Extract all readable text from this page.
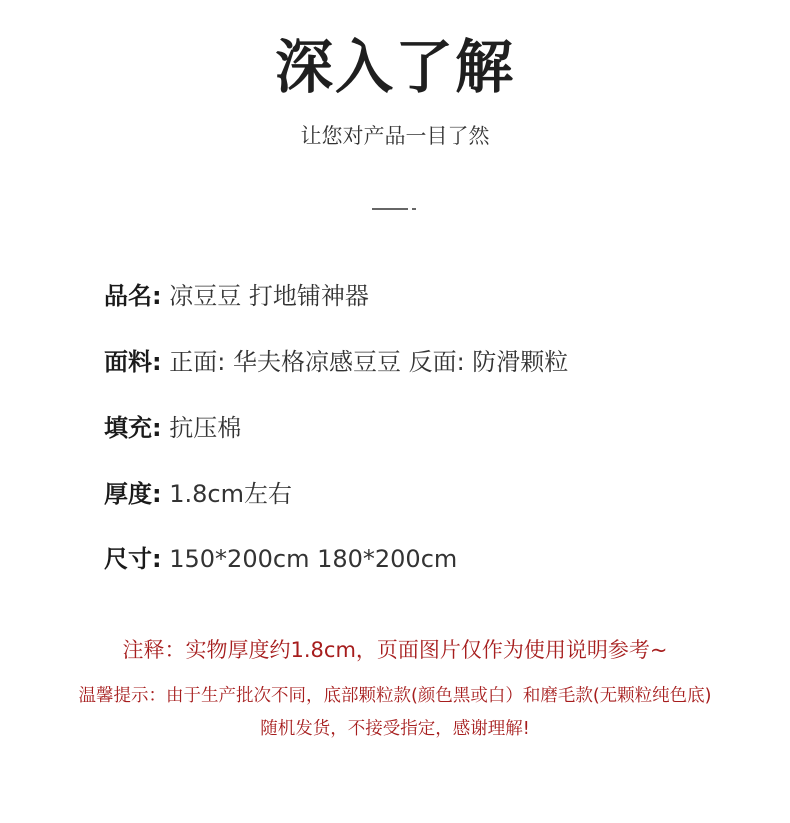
深入了解
让您对产品一目了然
品名: 凉豆豆 打地铺神器
面料: 正面: 华夫格凉感豆豆 反面: 防滑颗粒
填充: 抗压棉
厚度: 1.8cm左右
尺寸: 150*200cm 180*200cm
注释：实物厚度约1.8cm，页面图片仅作为使用说明参考~
温馨提示：由于生产批次不同，底部颗粒款(颜色黑或白）和磨毛款(无颗粒纯色底)
随机发货，不接受指定，感谢理解!
